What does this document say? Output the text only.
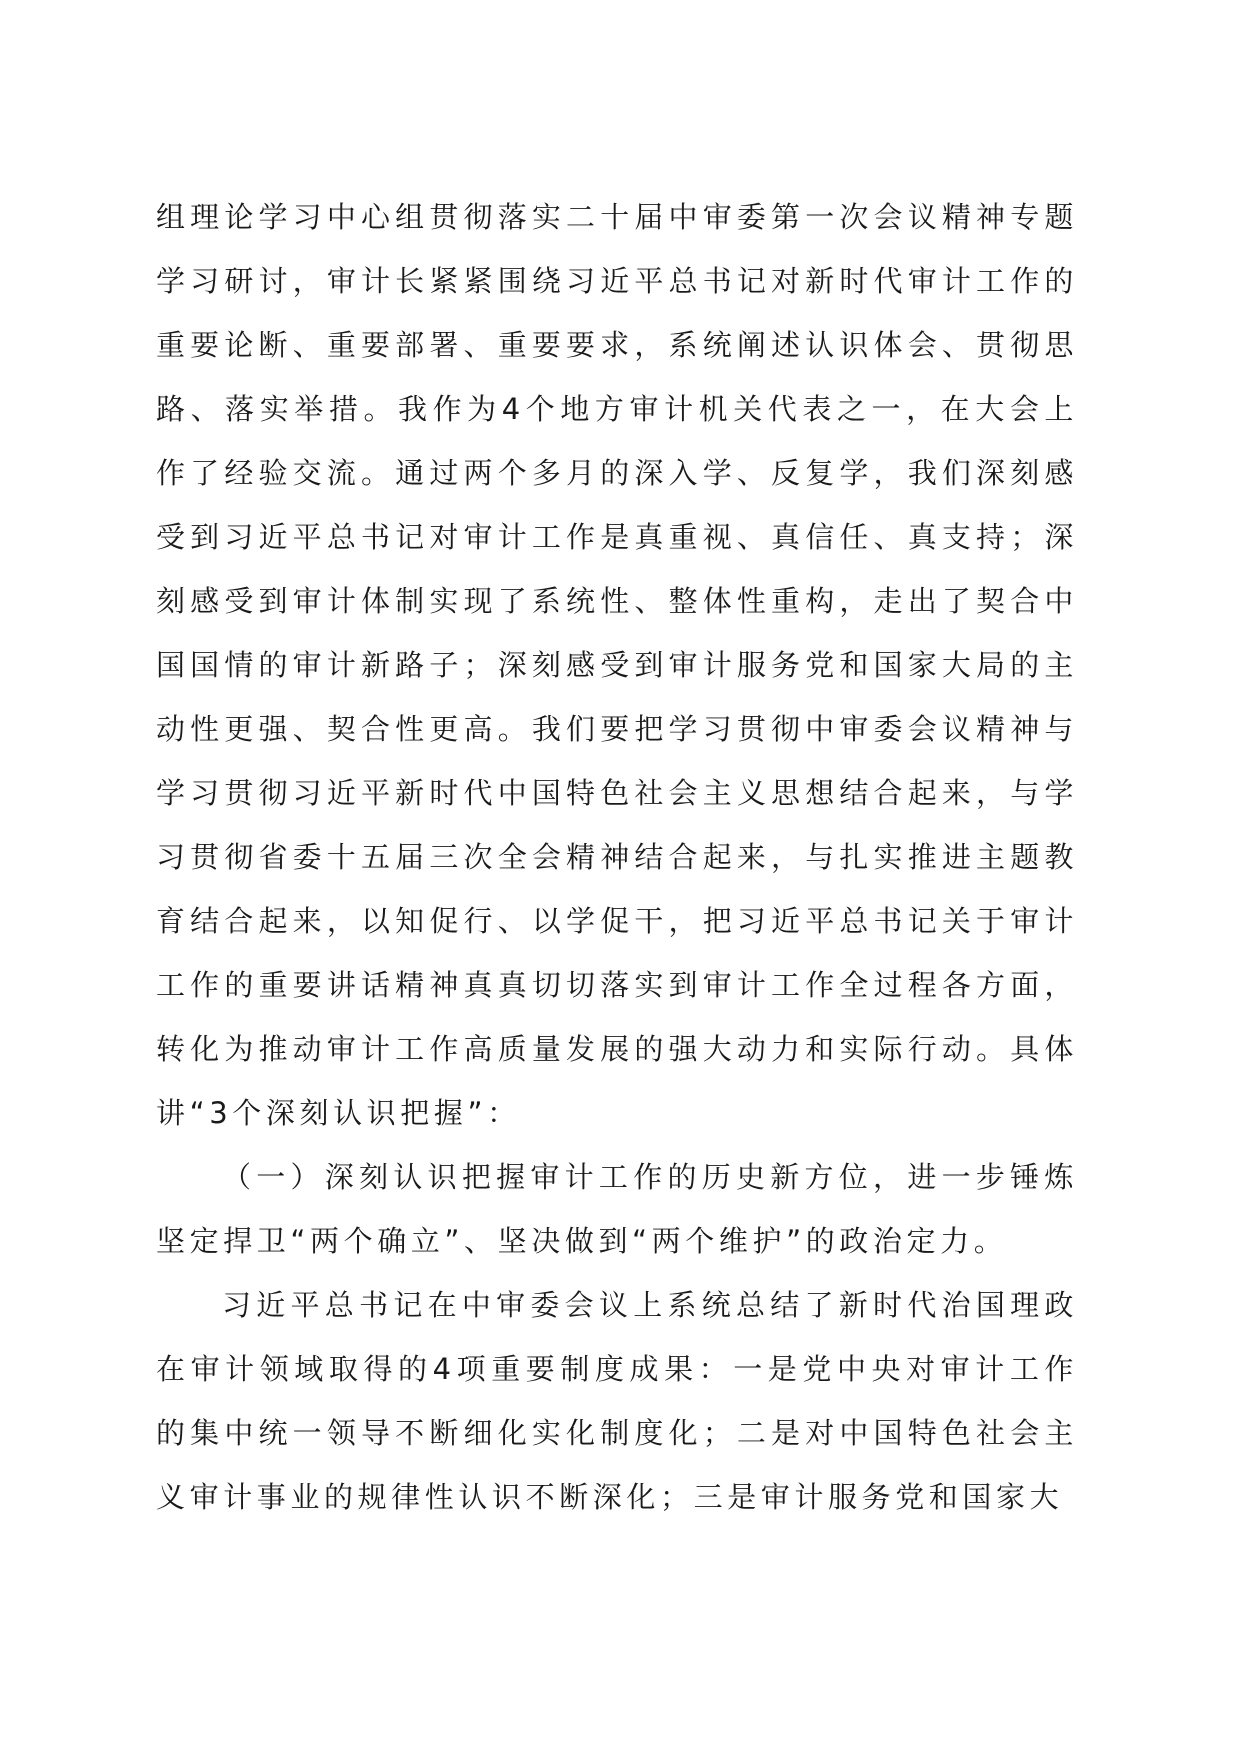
组理论学习中心组贯彻落实二十届中审委第一次会议精神专题学习研讨，审计长紧紧围绕习近平总书记对新时代审计工作的重要论断、重要部署、重要要求，系统阐述认识体会、贯彻思路、落实举措。我作为4个地方审计机关代表之一，在大会上作了经验交流。通过两个多月的深入学、反复学，我们深刻感受到习近平总书记对审计工作是真重视、真信任、真支持；深刻感受到审计体制实现了系统性、整体性重构，走出了契合中国国情的审计新路子；深刻感受到审计服务党和国家大局的主动性更强、契合性更高。我们要把学习贯彻中审委会议精神与学习贯彻习近平新时代中国特色社会主义思想结合起来，与学习贯彻省委十五届三次全会精神结合起来，与扎实推进主题教育结合起来，以知促行、以学促干，把习近平总书记关于审计工作的重要讲话精神真真切切落实到审计工作全过程各方面，转化为推动审计工作高质量发展的强大动力和实际行动。具体讲“3个深刻认识把握”：

（一）深刻认识把握审计工作的历史新方位，进一步锤炼坚定捍卫“两个确立”、坚决做到“两个维护”的政治定力。

习近平总书记在中审委会议上系统总结了新时代治国理政在审计领域取得的4项重要制度成果：一是党中央对审计工作的集中统一领导不断细化实化制度化；二是对中国特色社会主义审计事业的规律性认识不断深化；三是审计服务党和国家大
